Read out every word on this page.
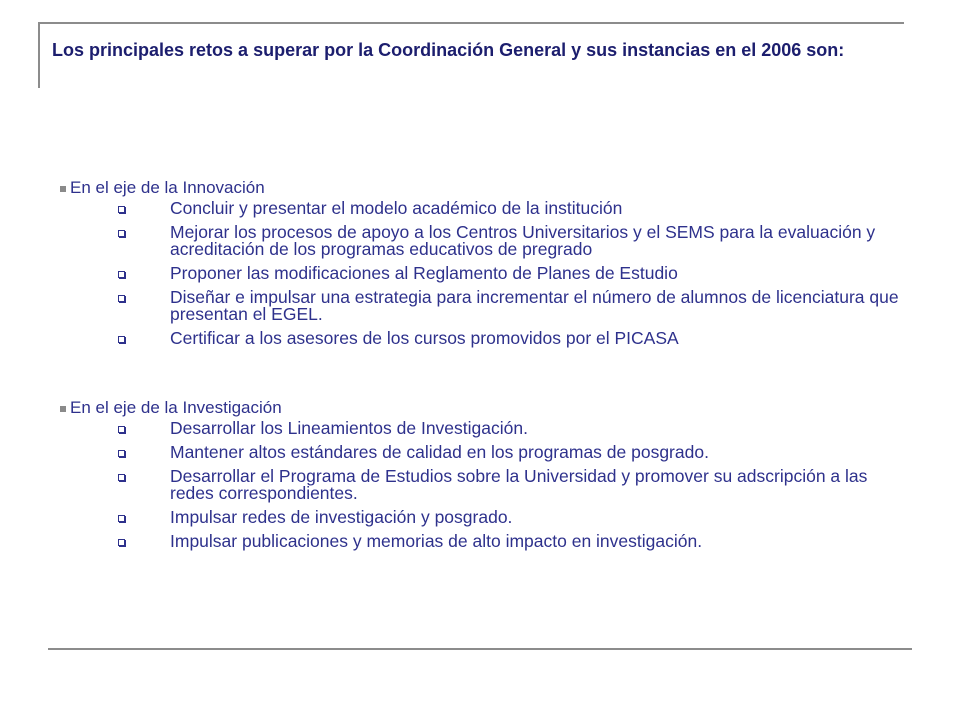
Los principales retos a superar por la Coordinación General y sus instancias en el 2006 son:
En el eje de la Innovación
Concluir y presentar el modelo académico de la institución
Mejorar los procesos de apoyo a los Centros Universitarios y el SEMS para la evaluación y acreditación de los programas educativos de pregrado
Proponer las modificaciones al Reglamento de Planes de Estudio
Diseñar e impulsar una estrategia para incrementar el número de alumnos de licenciatura que presentan el EGEL.
Certificar a los asesores de los cursos promovidos por el PICASA
En el eje de la Investigación
Desarrollar los Lineamientos de Investigación.
Mantener altos estándares de calidad en los programas de posgrado.
Desarrollar el Programa de Estudios sobre la Universidad y promover su adscripción a las redes correspondientes.
Impulsar redes de investigación y posgrado.
Impulsar publicaciones y memorias de alto impacto en investigación.
